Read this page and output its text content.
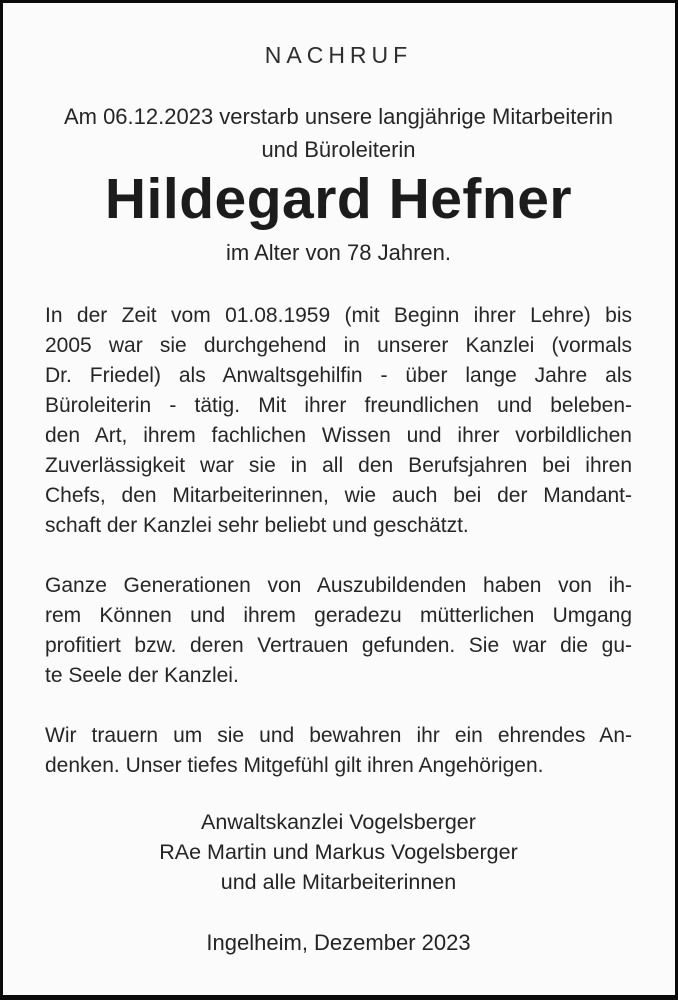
NACHRUF
Am 06.12.2023 verstarb unsere langjährige Mitarbeiterin
und Büroleiterin
Hildegard Hefner
im Alter von 78 Jahren.
In der Zeit vom 01.08.1959 (mit Beginn ihrer Lehre) bis
2005 war sie durchgehend in unserer Kanzlei (vormals
Dr. Friedel) als Anwaltsgehilfin - über lange Jahre als
Büroleiterin - tätig. Mit ihrer freundlichen und beleben-
den Art, ihrem fachlichen Wissen und ihrer vorbildlichen
Zuverlässigkeit war sie in all den Berufsjahren bei ihren
Chefs, den Mitarbeiterinnen, wie auch bei der Mandant-
schaft der Kanzlei sehr beliebt und geschätzt.
Ganze Generationen von Auszubildenden haben von ih-
rem Können und ihrem geradezu mütterlichen Umgang
profitiert bzw. deren Vertrauen gefunden. Sie war die gu-
te Seele der Kanzlei.
Wir trauern um sie und bewahren ihr ein ehrendes An-
denken. Unser tiefes Mitgefühl gilt ihren Angehörigen.
Anwaltskanzlei Vogelsberger
RAe Martin und Markus Vogelsberger
und alle Mitarbeiterinnen
Ingelheim, Dezember 2023
